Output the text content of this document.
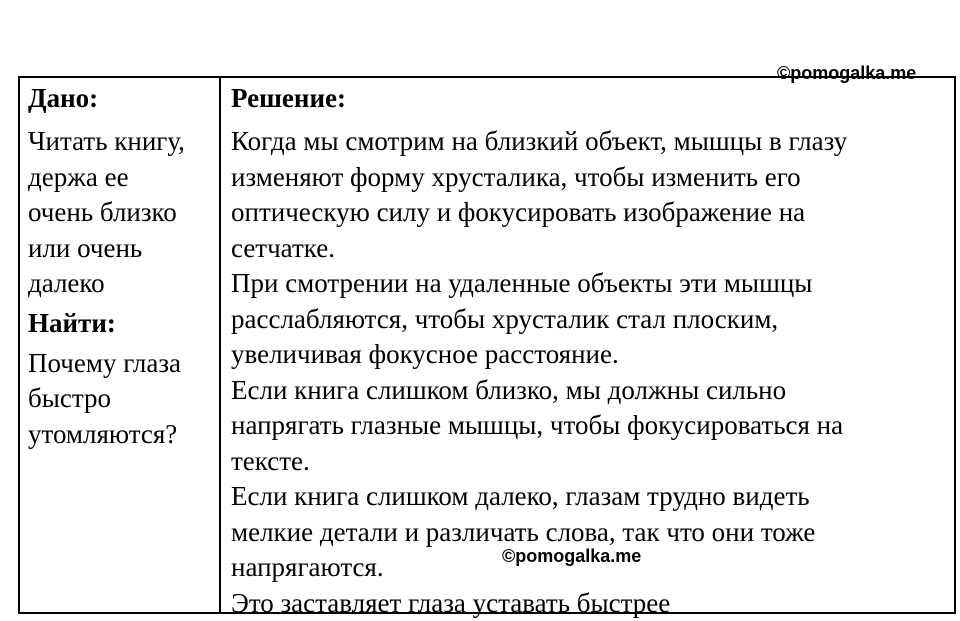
©pomogalka.me

Дано:

Читать книгу,
держа ее
очень близко
или очень
далеко

Найти:

Почему глаза
быстро
утомляются?

Решение:

Когда мы смотрим на близкий объект, мышцы в глазу
изменяют форму хрусталика, чтобы изменить его
оптическую силу и фокусировать изображение на
сетчатке.
При смотрении на удаленные объекты эти мышцы
расслабляются, чтобы хрусталик стал плоским,
увеличивая фокусное расстояние.
Если книга слишком близко, мы должны сильно
напрягать глазные мышцы, чтобы фокусироваться на
тексте.
Если книга слишком далеко, глазам трудно видеть
мелкие детали и различать слова, так что они тоже
напрягаются.
Это заставляет глаза уставать быстрее

©pomogalka.me
